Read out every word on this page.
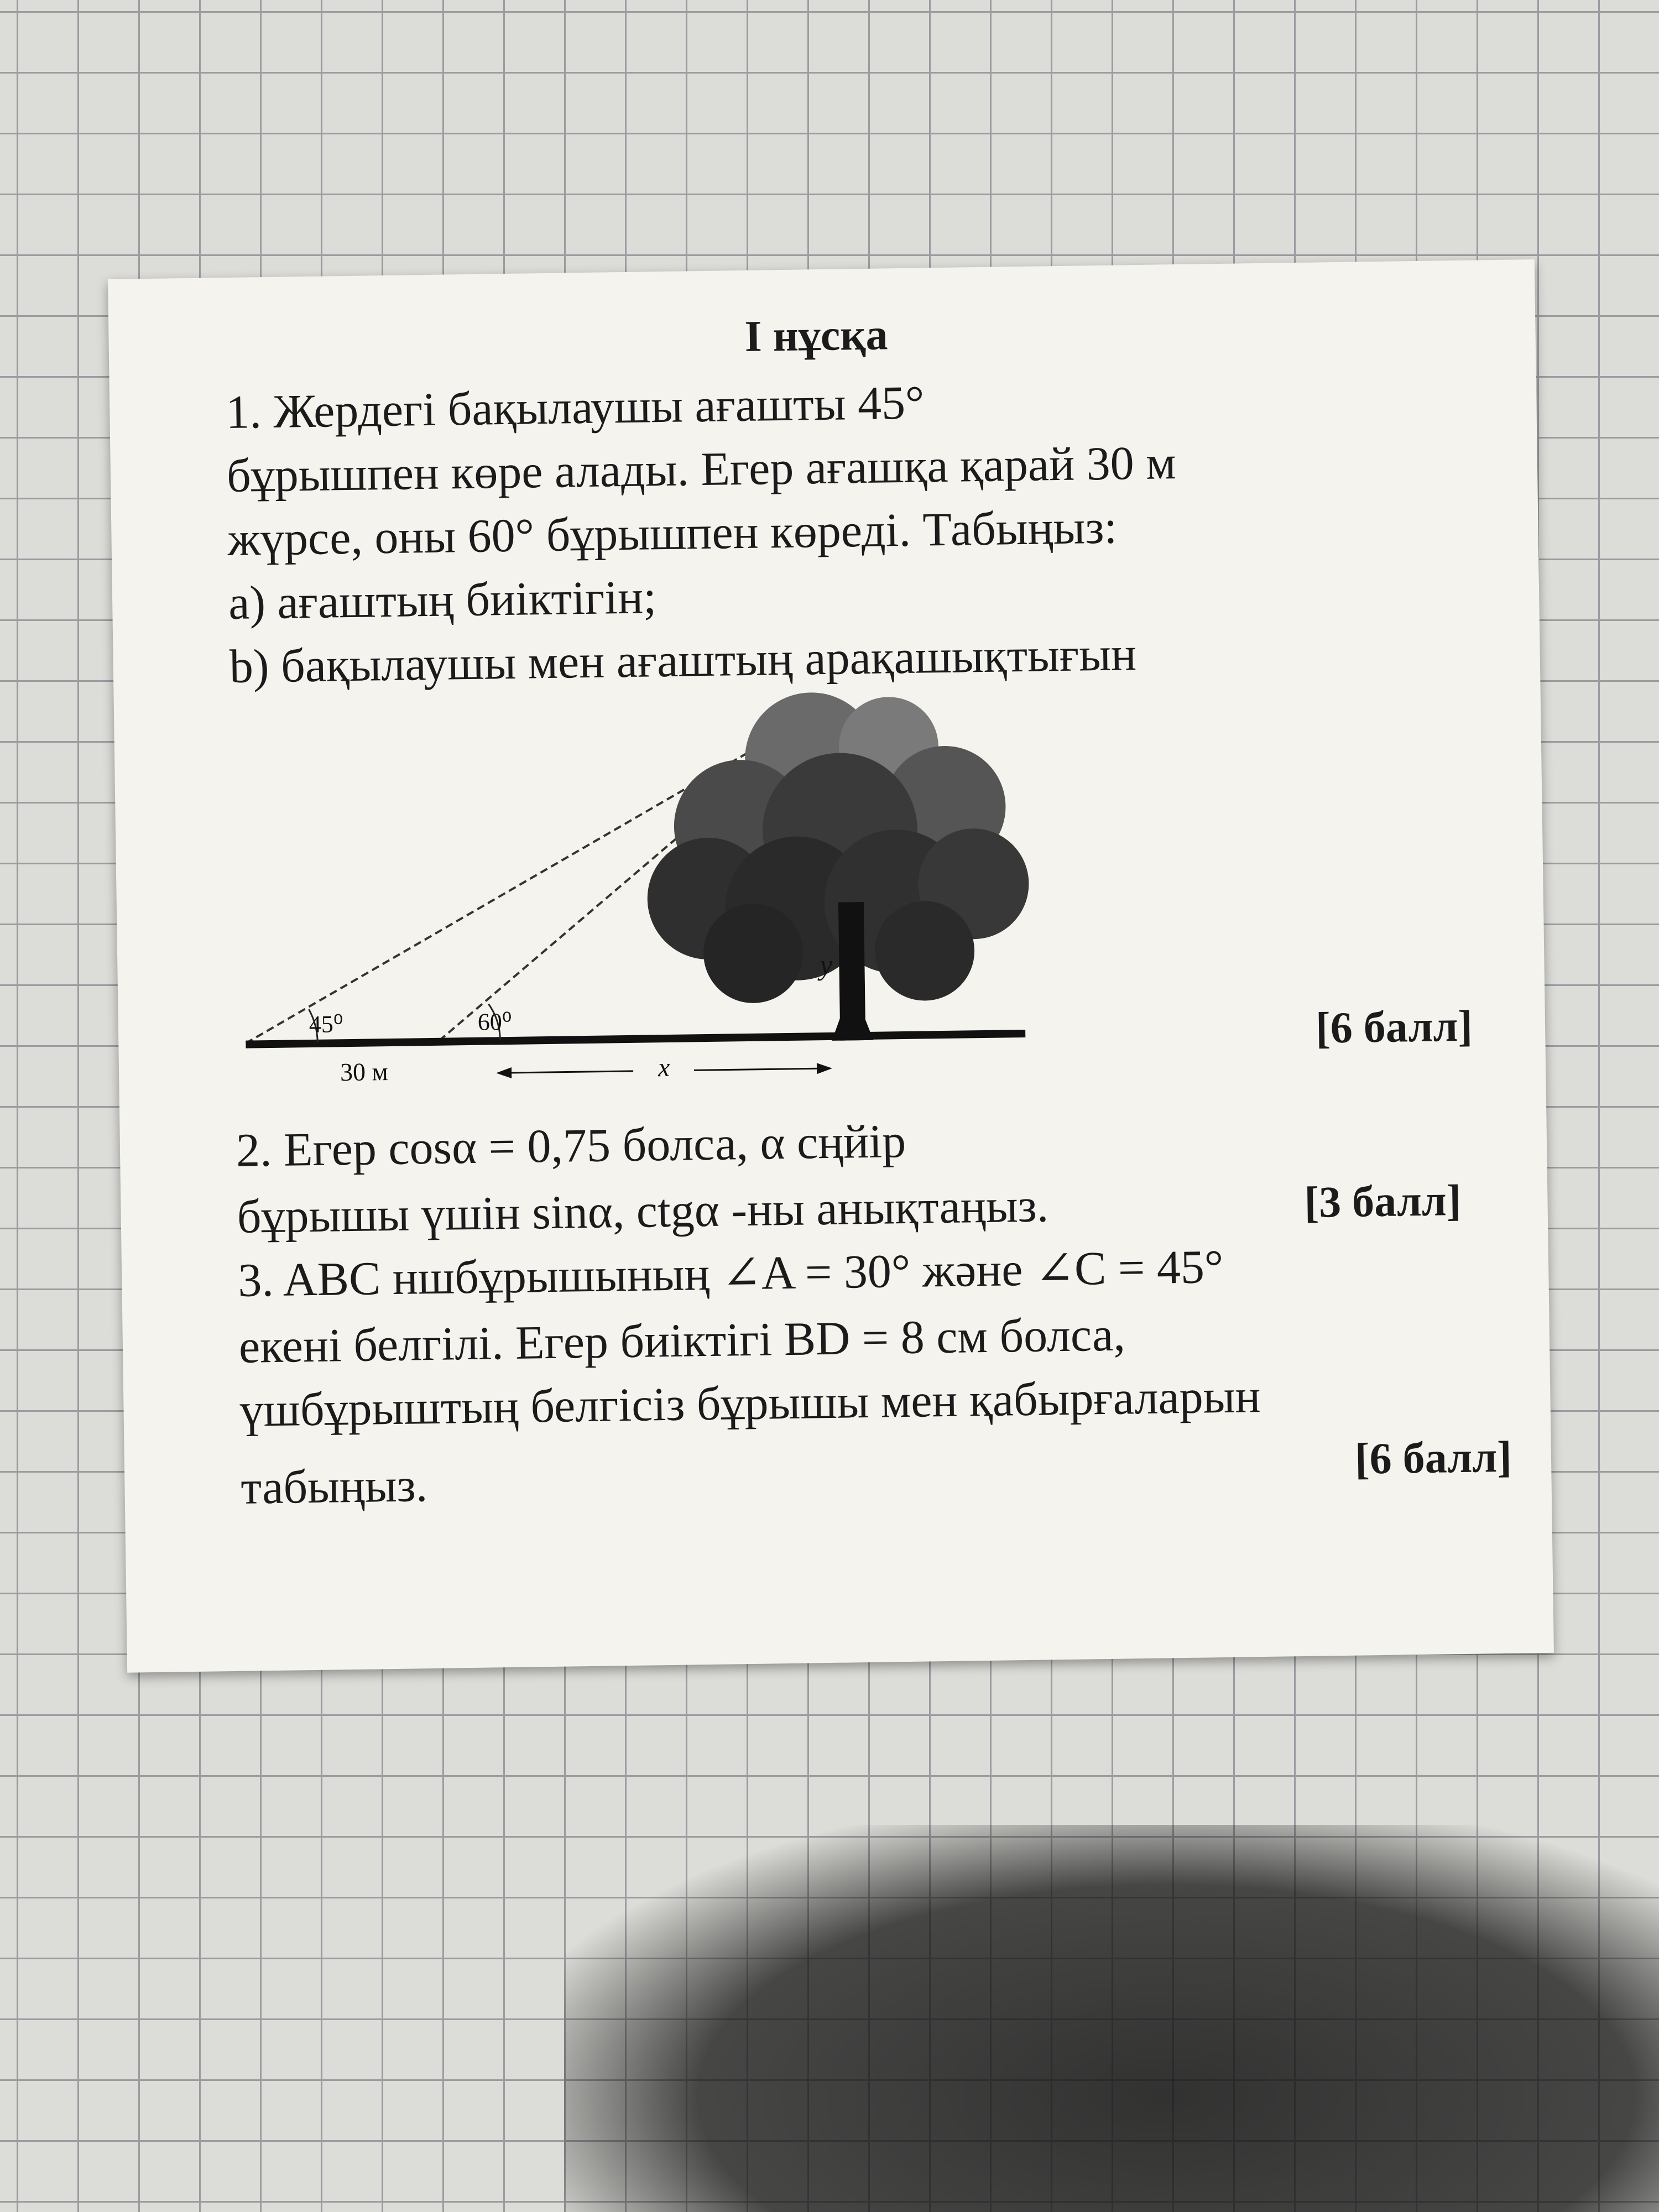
І нұсқа
1. Жердегі бақылаушы ағашты 45°
бұрышпен көре алады. Егер ағашқа қарай 30 м
жүрсе, оны 60° бұрышпен көреді. Табыңыз:
a) ағаштың биіктігін;
b) бақылаушы мен ағаштың арақашықтығын
45⁰	60⁰
30 м
y
x
[6 балл]
2. Егер cosα = 0,75 болса, α сңйір
бұрышы үшін sinα, ctgα -ны анықтаңыз.	[3 балл]
3. ABC ншбұрышының ∠A = 30° және ∠C = 45°
екені белгілі. Егер биіктігі BD = 8 см болса,
үшбұрыштың белгісіз бұрышы мен қабырғаларын
[6 балл]
табыңыз.
